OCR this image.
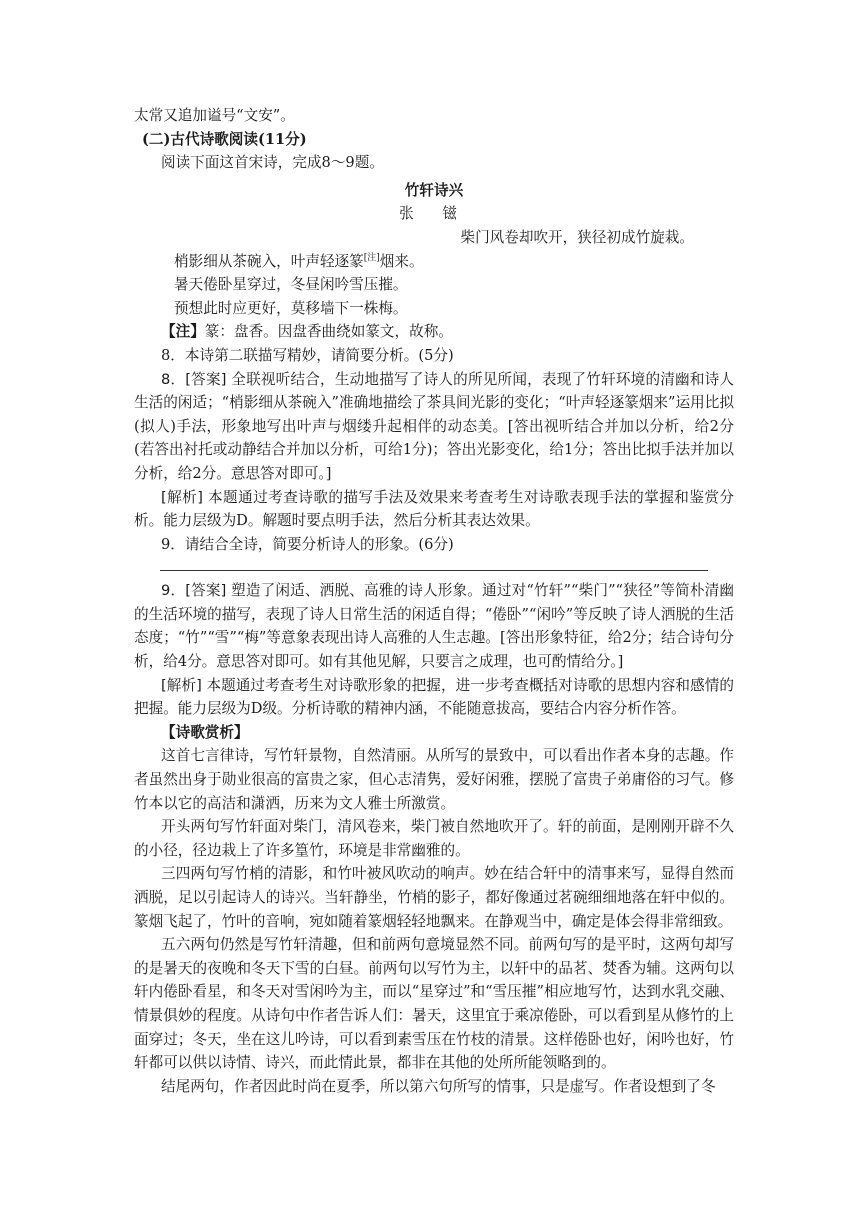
太常又追加谥号“文安”。

(二)古代诗歌阅读(11分)

阅读下面这首宋诗，完成8～9题。

竹轩诗兴

张 镃

柴门风卷却吹开，狭径初成竹旋栽。

梢影细从茶碗入，叶声轻逐篆[注]烟来。

暑天倦卧星穿过，冬昼闲吟雪压摧。

预想此时应更好，莫移墙下一株梅。

【注】篆：盘香。因盘香曲绕如篆文，故称。

8．本诗第二联描写精妙，请简要分析。(5分)

8．[答案] 全联视听结合，生动地描写了诗人的所见所闻，表现了竹轩环境的清幽和诗人生活的闲适；“梢影细从茶碗入”准确地描绘了茶具间光影的变化；“叶声轻逐篆烟来”运用比拟(拟人)手法，形象地写出叶声与烟缕升起相伴的动态美。[答出视听结合并加以分析，给2分(若答出衬托或动静结合并加以分析，可给1分)；答出光影变化，给1分；答出比拟手法并加以分析，给2分。意思答对即可。]

[解析] 本题通过考查诗歌的描写手法及效果来考查考生对诗歌表现手法的掌握和鉴赏分析。能力层级为D。解题时要点明手法，然后分析其表达效果。

9．请结合全诗，简要分析诗人的形象。(6分)

9．[答案] 塑造了闲适、洒脱、高雅的诗人形象。通过对“竹轩”“柴门”“狭径”等简朴清幽的生活环境的描写，表现了诗人日常生活的闲适自得；“倦卧”“闲吟”等反映了诗人洒脱的生活态度；“竹”“雪”“梅”等意象表现出诗人高雅的人生志趣。[答出形象特征，给2分；结合诗句分析，给4分。意思答对即可。如有其他见解，只要言之成理，也可酌情给分。]

[解析] 本题通过考查考生对诗歌形象的把握，进一步考查概括对诗歌的思想内容和感情的把握。能力层级为D级。分析诗歌的精神内涵，不能随意拔高，要结合内容分析作答。

【诗歌赏析】

这首七言律诗，写竹轩景物，自然清丽。从所写的景致中，可以看出作者本身的志趣。作者虽然出身于勋业很高的富贵之家，但心志清隽，爱好闲雅，摆脱了富贵子弟庸俗的习气。修竹本以它的高洁和潇洒，历来为文人雅士所激赏。

开头两句写竹轩面对柴门，清风卷来，柴门被自然地吹开了。轩的前面，是刚刚开辟不久的小径，径边栽上了许多篁竹，环境是非常幽雅的。

三四两句写竹梢的清影，和竹叶被风吹动的响声。妙在结合轩中的清事来写，显得自然而洒脱，足以引起诗人的诗兴。当轩静坐，竹梢的影子，都好像通过茗碗细细地落在轩中似的。篆烟飞起了，竹叶的音响，宛如随着篆烟轻轻地飘来。在静观当中，确定是体会得非常细致。

五六两句仍然是写竹轩清趣，但和前两句意境显然不同。前两句写的是平时，这两句却写的是暑天的夜晚和冬天下雪的白昼。前两句以写竹为主，以轩中的品茗、焚香为辅。这两句以轩内倦卧看星，和冬天对雪闲吟为主，而以“星穿过”和“雪压摧”相应地写竹，达到水乳交融、情景俱妙的程度。从诗句中作者告诉人们：暑天，这里宜于乘凉倦卧，可以看到星从修竹的上面穿过；冬天，坐在这儿吟诗，可以看到素雪压在竹枝的清景。这样倦卧也好，闲吟也好，竹轩都可以供以诗情、诗兴，而此情此景，都非在其他的处所所能领略到的。

结尾两句，作者因此时尚在夏季，所以第六句所写的情事，只是虚写。作者设想到了冬
